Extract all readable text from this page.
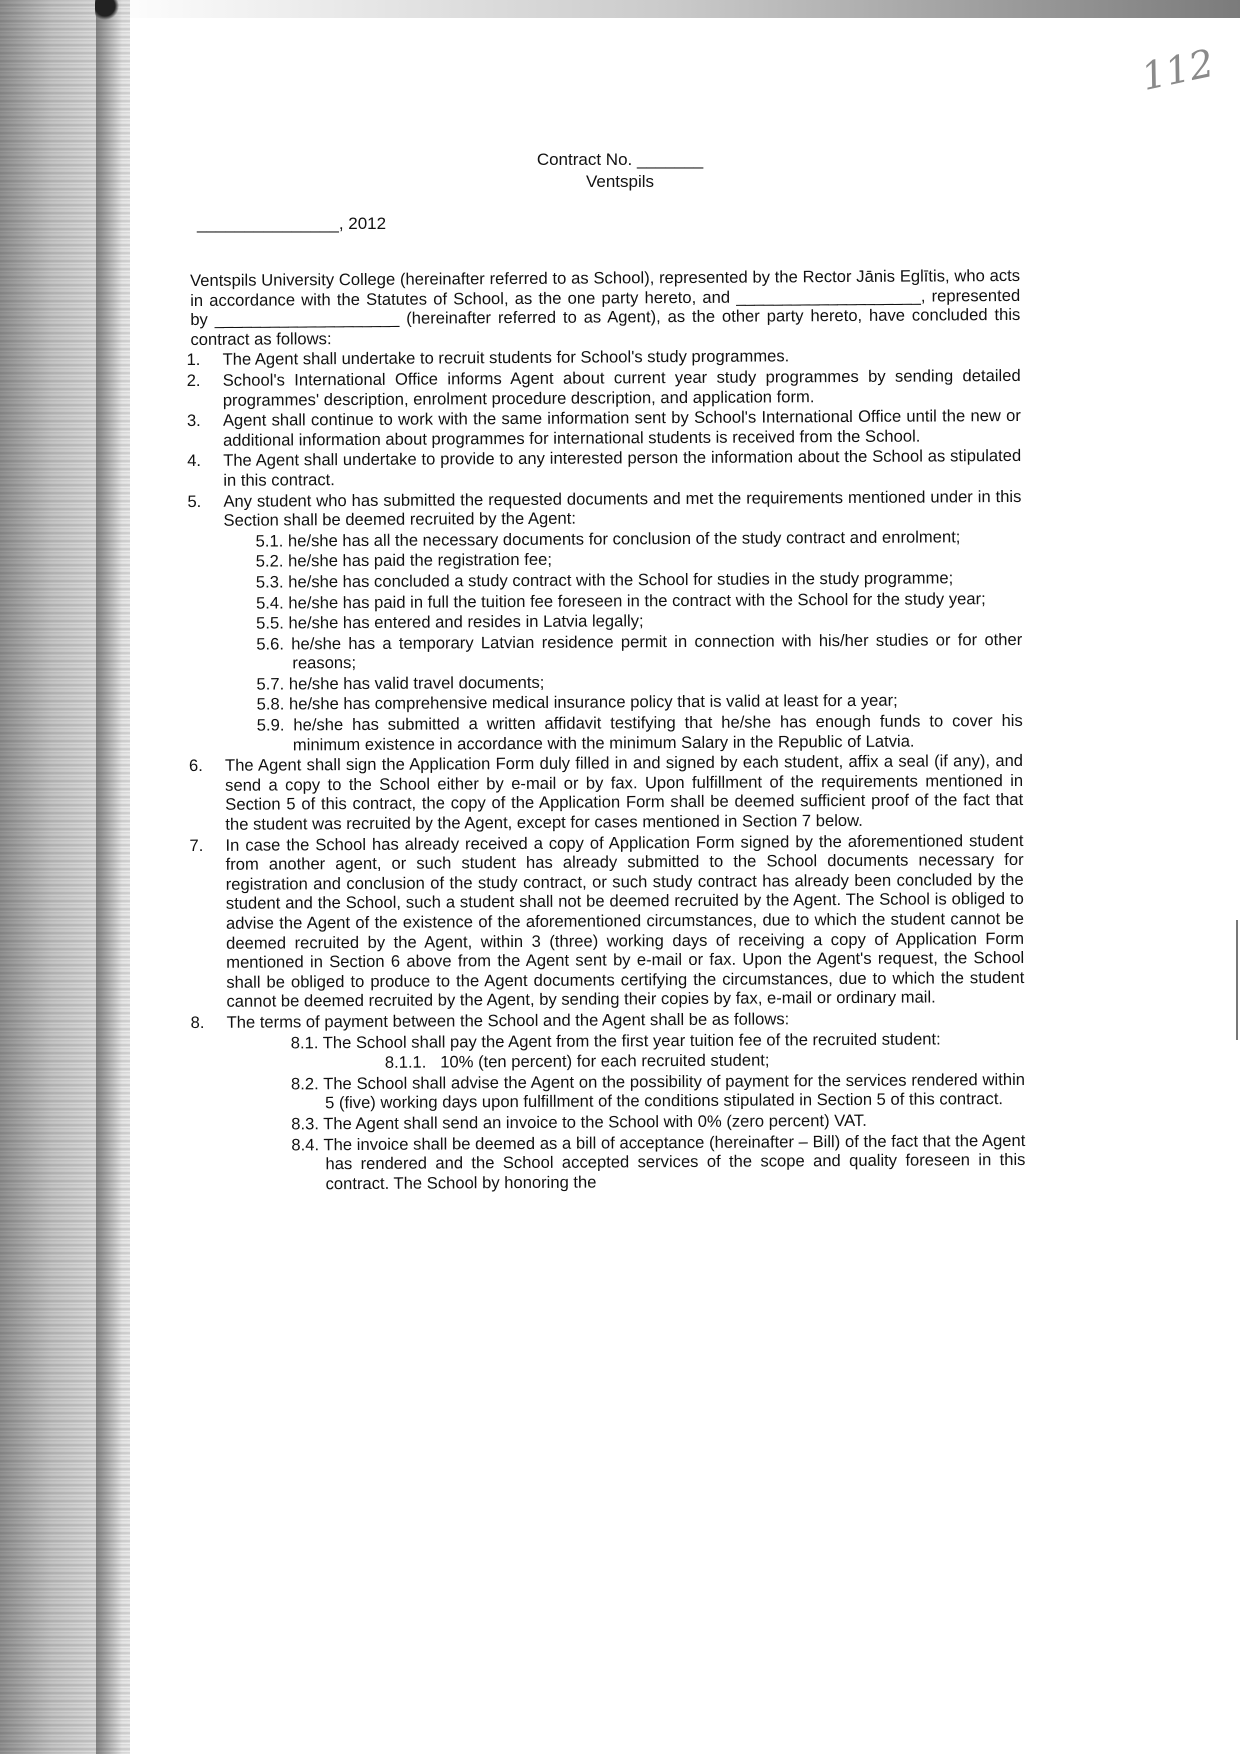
112
Contract No. _______
Ventspils
_______________, 2012
Ventspils University College (hereinafter referred to as School), represented by the Rector Jānis Eglītis, who acts in accordance with the Statutes of School, as the one party hereto, and ____________________, represented by ____________________ (hereinafter referred to as Agent), as the other party hereto, have concluded this contract as follows:
1. The Agent shall undertake to recruit students for School's study programmes.
2. School's International Office informs Agent about current year study programmes by sending detailed programmes' description, enrolment procedure description, and application form.
3. Agent shall continue to work with the same information sent by School's International Office until the new or additional information about programmes for international students is received from the School.
4. The Agent shall undertake to provide to any interested person the information about the School as stipulated in this contract.
5. Any student who has submitted the requested documents and met the requirements mentioned under in this Section shall be deemed recruited by the Agent:
5.1. he/she has all the necessary documents for conclusion of the study contract and enrolment;
5.2. he/she has paid the registration fee;
5.3. he/she has concluded a study contract with the School for studies in the study programme;
5.4. he/she has paid in full the tuition fee foreseen in the contract with the School for the study year;
5.5. he/she has entered and resides in Latvia legally;
5.6. he/she has a temporary Latvian residence permit in connection with his/her studies or for other reasons;
5.7. he/she has valid travel documents;
5.8. he/she has comprehensive medical insurance policy that is valid at least for a year;
5.9. he/she has submitted a written affidavit testifying that he/she has enough funds to cover his minimum existence in accordance with the minimum Salary in the Republic of Latvia.
6. The Agent shall sign the Application Form duly filled in and signed by each student, affix a seal (if any), and send a copy to the School either by e-mail or by fax. Upon fulfillment of the requirements mentioned in Section 5 of this contract, the copy of the Application Form shall be deemed sufficient proof of the fact that the student was recruited by the Agent, except for cases mentioned in Section 7 below.
7. In case the School has already received a copy of Application Form signed by the aforementioned student from another agent, or such student has already submitted to the School documents necessary for registration and conclusion of the study contract, or such study contract has already been concluded by the student and the School, such a student shall not be deemed recruited by the Agent. The School is obliged to advise the Agent of the existence of the aforementioned circumstances, due to which the student cannot be deemed recruited by the Agent, within 3 (three) working days of receiving a copy of Application Form mentioned in Section 6 above from the Agent sent by e-mail or fax. Upon the Agent's request, the School shall be obliged to produce to the Agent documents certifying the circumstances, due to which the student cannot be deemed recruited by the Agent, by sending their copies by fax, e-mail or ordinary mail.
8. The terms of payment between the School and the Agent shall be as follows:
8.1. The School shall pay the Agent from the first year tuition fee of the recruited student:
8.1.1. 10% (ten percent) for each recruited student;
8.2. The School shall advise the Agent on the possibility of payment for the services rendered within 5 (five) working days upon fulfillment of the conditions stipulated in Section 5 of this contract.
8.3. The Agent shall send an invoice to the School with 0% (zero percent) VAT.
8.4. The invoice shall be deemed as a bill of acceptance (hereinafter – Bill) of the fact that the Agent has rendered and the School accepted services of the scope and quality foreseen in this contract. The School by honoring the
